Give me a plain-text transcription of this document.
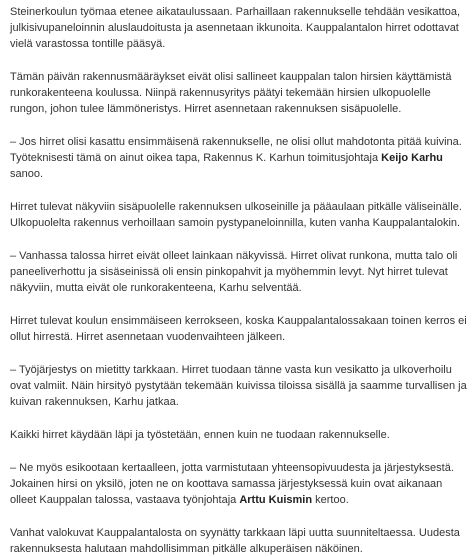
Steinerkoulun työmaa etenee aikataulussaan. Parhaillaan rakennukselle tehdään vesikattoa, julkisivupaneloinnin aluslaudoitusta ja asennetaan ikkunoita. Kauppalantalon hirret odottavat vielä varastossa tontille pääsyä.

Tämän päivän rakennusmääräykset eivät olisi sallineet kauppalan talon hirsien käyttämistä runkorakenteena koulussa. Niinpä rakennusyritys päätyi tekemään hirsien ulkopuolelle rungon, johon tulee lämmöneristys. Hirret asennetaan rakennuksen sisäpuolelle.

– Jos hirret olisi kasattu ensimmäisenä rakennukselle, ne olisi ollut mahdotonta pitää kuivina. Työteknisesti tämä on ainut oikea tapa, Rakennus K. Karhun toimitusjohtaja Keijo Karhu sanoo.

Hirret tulevat näkyviin sisäpuolelle rakennuksen ulkoseinille ja pääaulaan pitkälle väliseinälle. Ulkopuolelta rakennus verhoillaan samoin pystypaneloinnilla, kuten vanha Kauppalantalokin.

– Vanhassa talossa hirret eivät olleet lainkaan näkyvissä. Hirret olivat runkona, mutta talo oli paneeliverhottu ja sisäseinissä oli ensin pinkopahvit ja myöhemmin levyt. Nyt hirret tulevat näkyviin, mutta eivät ole runkorakenteena, Karhu selventää.

Hirret tulevat koulun ensimmäiseen kerrokseen, koska Kauppalantalossakaan toinen kerros ei ollut hirrestä. Hirret asennetaan vuodenvaihteen jälkeen.

– Työjärjestys on mietitty tarkkaan. Hirret tuodaan tänne vasta kun vesikatto ja ulkoverhoilu ovat valmiit. Näin hirsityö pystytään tekemään kuivissa tiloissa sisällä ja saamme turvallisen ja kuivan rakennuksen, Karhu jatkaa.

Kaikki hirret käydään läpi ja työstetään, ennen kuin ne tuodaan rakennukselle.

– Ne myös esikootaan kertaalleen, jotta varmistutaan yhteensopivuudesta ja järjestyksestä. Jokainen hirsi on yksilö, joten ne on koottava samassa järjestyksessä kuin ovat aikanaan olleet Kauppalan talossa, vastaava työnjohtaja Arttu Kuismin kertoo.

Vanhat valokuvat Kauppalantalosta on syynätty tarkkaan läpi uutta suunniteltaessa. Uudesta rakennuksesta halutaan mahdollisimman pitkälle alkuperäisen näköinen.
